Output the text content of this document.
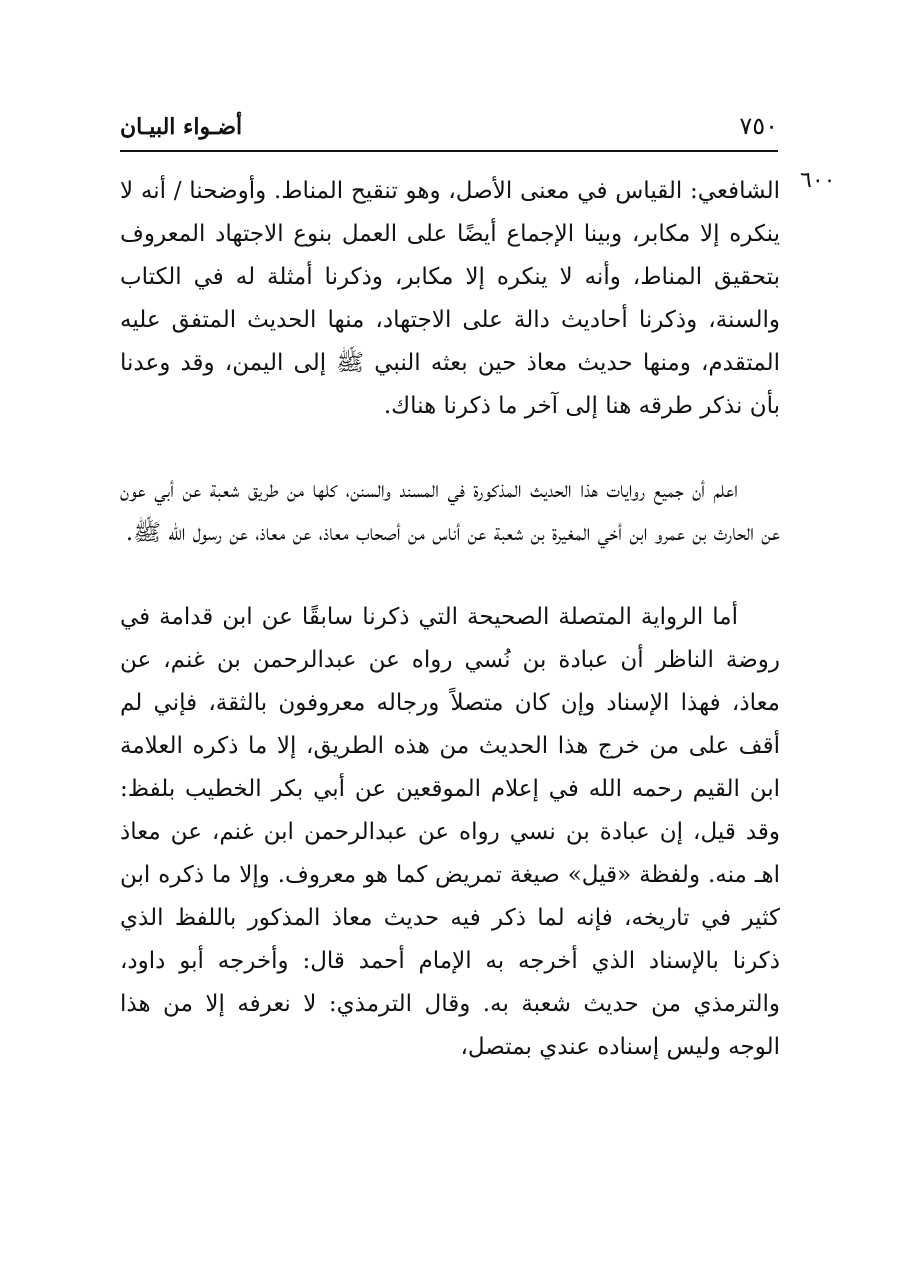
أضـواء البيـان	٧٥٠
٦٠٠

الشافعي: القياس في معنى الأصل، وهو تنقيح المناط. وأوضحنا / أنه لا ينكره إلا مكابر، وبينا الإجماع أيضًا على العمل بنوع الاجتهاد المعروف بتحقيق المناط، وأنه لا ينكره إلا مكابر، وذكرنا أمثلة له في الكتاب والسنة، وذكرنا أحاديث دالة على الاجتهاد، منها الحديث المتفق عليه المتقدم، ومنها حديث معاذ حين بعثه النبي ﷺ إلى اليمن، وقد وعدنا بأن نذكر طرقه هنا إلى آخر ما ذكرنا هناك.

اعلم أن جميع روايات هذا الحديث المذكورة في المسند والسنن، كلها من طريق شعبة عن أبي عون عن الحارث بن عمرو ابن أخي المغيرة بن شعبة عن أناس من أصحاب معاذ، عن معاذ، عن رسول الله ﷺ.

أما الرواية المتصلة الصحيحة التي ذكرنا سابقًا عن ابن قدامة في روضة الناظر أن عبادة بن نُسي رواه عن عبدالرحمن بن غنم، عن معاذ، فهذا الإسناد وإن كان متصلاً ورجاله معروفون بالثقة، فإني لم أقف على من خرج هذا الحديث من هذه الطريق، إلا ما ذكره العلامة ابن القيم رحمه الله في إعلام الموقعين عن أبي بكر الخطيب بلفظ: وقد قيل، إن عبادة بن نسي رواه عن عبدالرحمن ابن غنم، عن معاذ اهـ منه. ولفظة «قيل» صيغة تمريض كما هو معروف. وإلا ما ذكره ابن كثير في تاريخه، فإنه لما ذكر فيه حديث معاذ المذكور باللفظ الذي ذكرنا بالإسناد الذي أخرجه به الإمام أحمد قال: وأخرجه أبو داود، والترمذي من حديث شعبة به. وقال الترمذي: لا نعرفه إلا من هذا الوجه وليس إسناده عندي بمتصل،
